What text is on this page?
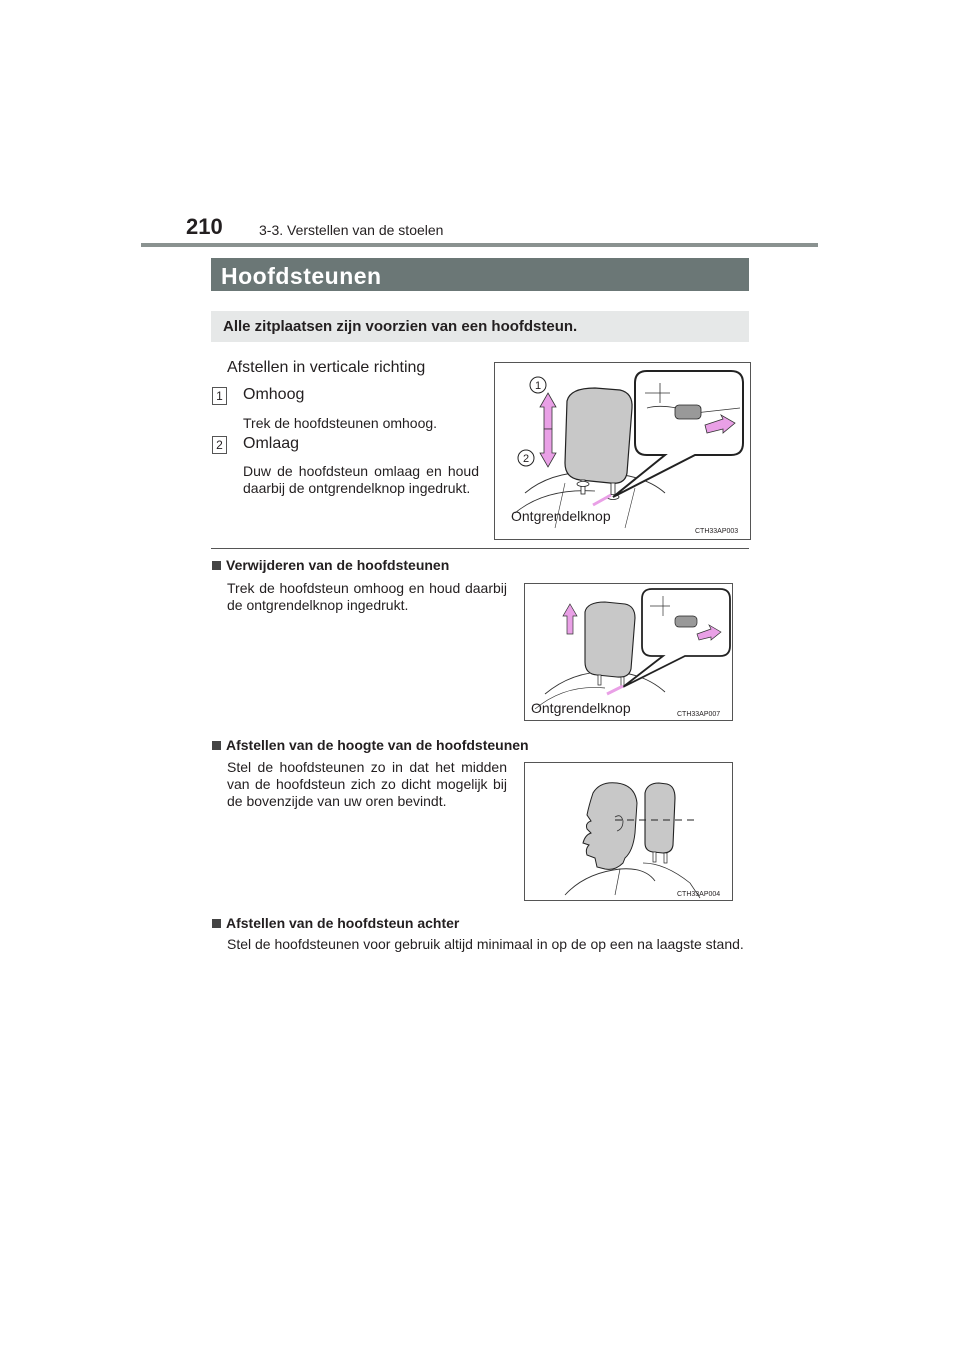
210	3-3. Verstellen van de stoelen
Hoofdsteunen
Alle zitplaatsen zijn voorzien van een hoofdsteun.
Afstellen in verticale richting
1 Omhoog
Trek de hoofdsteunen omhoog.
2 Omlaag
Duw de hoofdsteun omlaag en houd daarbij de ontgrendelknop ingedrukt.
1
2
Ontgrendelknop
CTH33AP003
Verwijderen van de hoofdsteunen
Trek de hoofdsteun omhoog en houd daarbij de ontgrendelknop ingedrukt.
Ontgrendelknop	CTH33AP007
Afstellen van de hoogte van de hoofdsteunen
Stel de hoofdsteunen zo in dat het midden van de hoofdsteun zich zo dicht mogelijk bij de bovenzijde van uw oren bevindt.
CTH33AP004
Afstellen van de hoofdsteun achter
Stel de hoofdsteunen voor gebruik altijd minimaal in op de op een na laagste stand.
